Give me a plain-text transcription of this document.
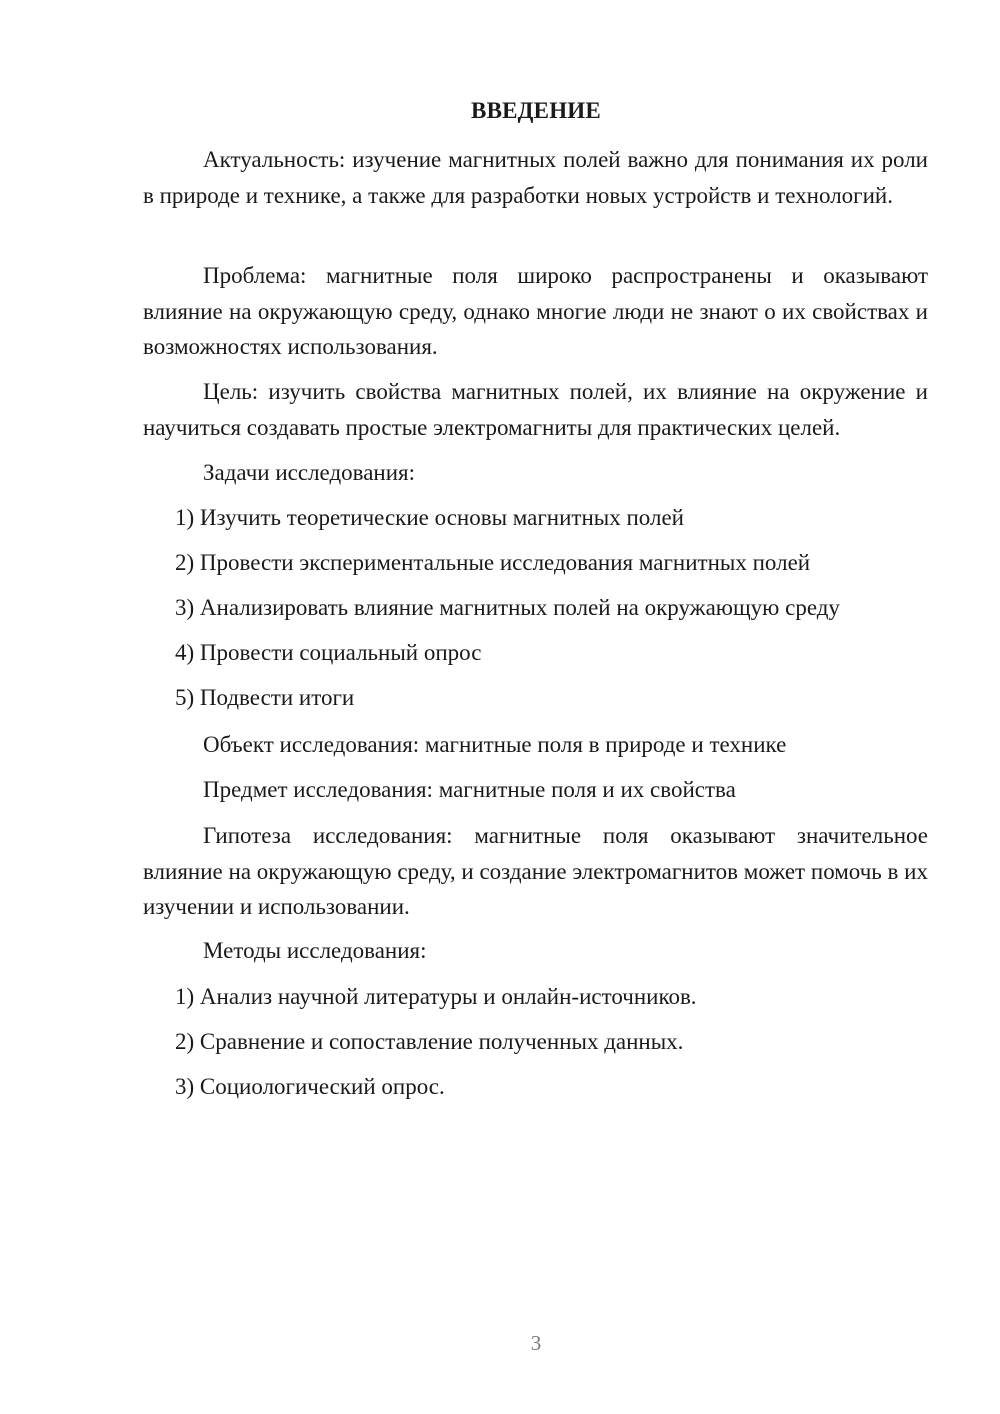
ВВЕДЕНИЕ

Актуальность: изучение магнитных полей важно для понимания их роли в природе и технике, а также для разработки новых устройств и технологий.

Проблема: магнитные поля широко распространены и оказывают влияние на окружающую среду, однако многие люди не знают о их свойствах и возможностях использования.

Цель: изучить свойства магнитных полей, их влияние на окружение и научиться создавать простые электромагниты для практических целей.

Задачи исследования:

1) Изучить теоретические основы магнитных полей

2) Провести экспериментальные исследования магнитных полей

3) Анализировать влияние магнитных полей на окружающую среду

4) Провести социальный опрос

5) Подвести итоги

Объект исследования: магнитные поля в природе и технике

Предмет исследования: магнитные поля и их свойства

Гипотеза исследования: магнитные поля оказывают значительное влияние на окружающую среду, и создание электромагнитов может помочь в их изучении и использовании.

Методы исследования:

1) Анализ научной литературы и онлайн-источников.

2) Сравнение и сопоставление полученных данных.

3) Социологический опрос.

3
